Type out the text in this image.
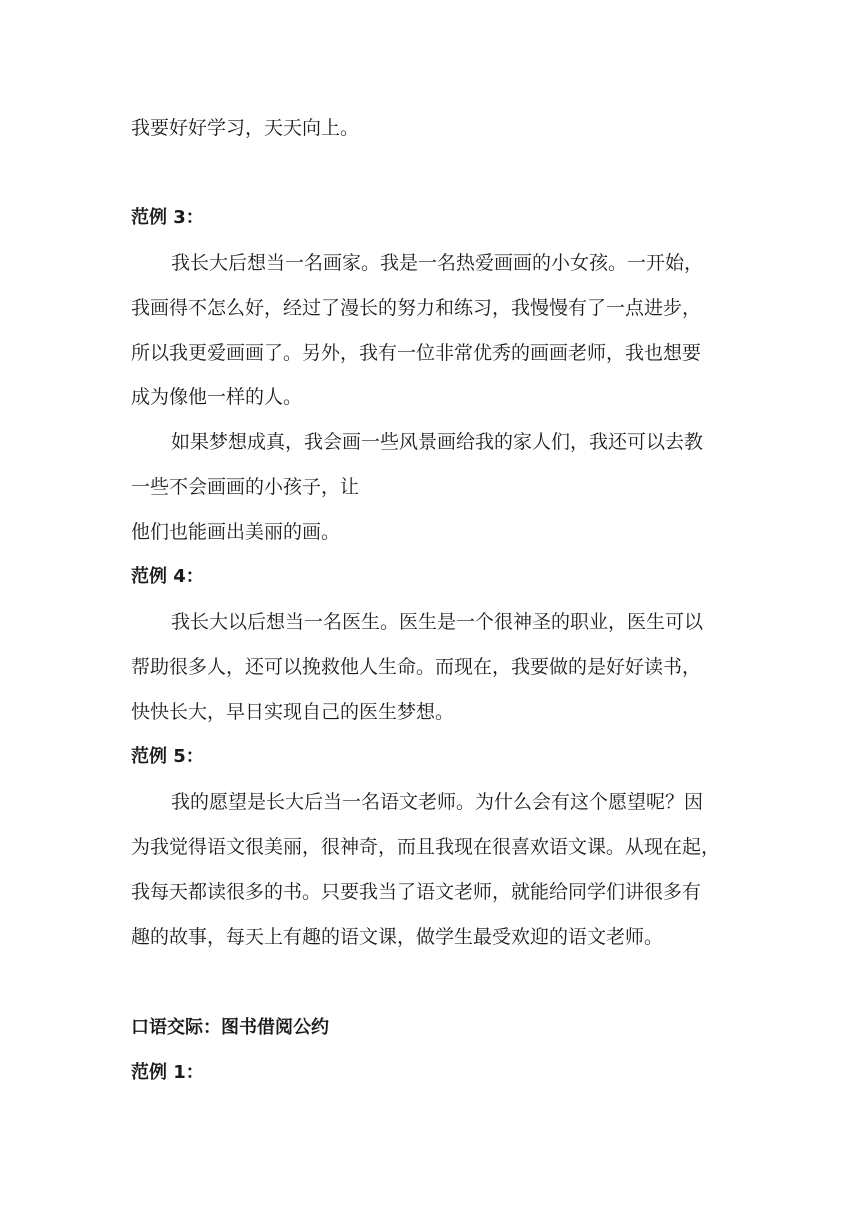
我要好好学习，天天向上。
范例 3：
我长大后想当一名画家。我是一名热爱画画的小女孩。一开始，
我画得不怎么好，经过了漫长的努力和练习，我慢慢有了一点进步，
所以我更爱画画了。另外，我有一位非常优秀的画画老师，我也想要
成为像他一样的人。
如果梦想成真，我会画一些风景画给我的家人们，我还可以去教
一些不会画画的小孩子，让
他们也能画出美丽的画。
范例 4：
我长大以后想当一名医生。医生是一个很神圣的职业，医生可以
帮助很多人，还可以挽救他人生命。而现在，我要做的是好好读书，
快快长大，早日实现自己的医生梦想。
范例 5：
我的愿望是长大后当一名语文老师。为什么会有这个愿望呢？因
为我觉得语文很美丽，很神奇，而且我现在很喜欢语文课。从现在起，
我每天都读很多的书。只要我当了语文老师，就能给同学们讲很多有
趣的故事，每天上有趣的语文课，做学生最受欢迎的语文老师。
口语交际：图书借阅公约
范例 1：
